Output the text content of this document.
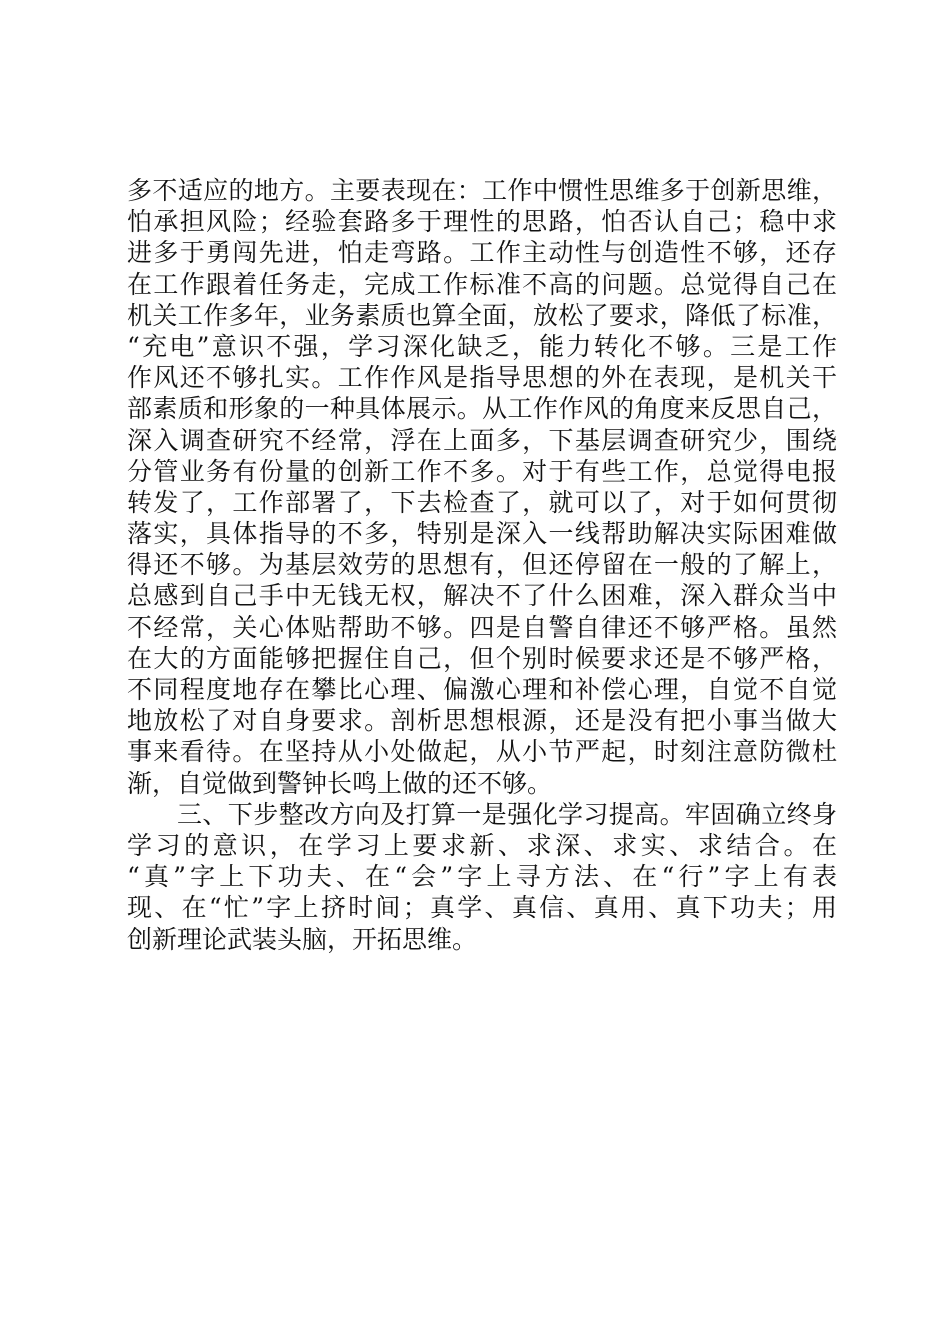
多不适应的地方。主要表现在：工作中惯性思维多于创新思维，
怕承担风险；经验套路多于理性的思路，怕否认自己；稳中求
进多于勇闯先进，怕走弯路。工作主动性与创造性不够，还存
在工作跟着任务走，完成工作标准不高的问题。总觉得自己在
机关工作多年，业务素质也算全面，放松了要求，降低了标准，
“充电”意识不强，学习深化缺乏，能力转化不够。三是工作
作风还不够扎实。工作作风是指导思想的外在表现，是机关干
部素质和形象的一种具体展示。从工作作风的角度来反思自己，
深入调查研究不经常，浮在上面多，下基层调查研究少，围绕
分管业务有份量的创新工作不多。对于有些工作，总觉得电报
转发了，工作部署了，下去检查了，就可以了，对于如何贯彻
落实，具体指导的不多，特别是深入一线帮助解决实际困难做
得还不够。为基层效劳的思想有，但还停留在一般的了解上，
总感到自己手中无钱无权，解决不了什么困难，深入群众当中
不经常，关心体贴帮助不够。四是自警自律还不够严格。虽然
在大的方面能够把握住自己，但个别时候要求还是不够严格，
不同程度地存在攀比心理、偏激心理和补偿心理，自觉不自觉
地放松了对自身要求。剖析思想根源，还是没有把小事当做大
事来看待。在坚持从小处做起，从小节严起，时刻注意防微杜
渐，自觉做到警钟长鸣上做的还不够。
三、下步整改方向及打算一是强化学习提高。牢固确立终身
学习的意识，在学习上要求新、求深、求实、求结合。在
“真”字上下功夫、在“会”字上寻方法、在“行”字上有表
现、在“忙”字上挤时间；真学、真信、真用、真下功夫；用
创新理论武装头脑，开拓思维。
